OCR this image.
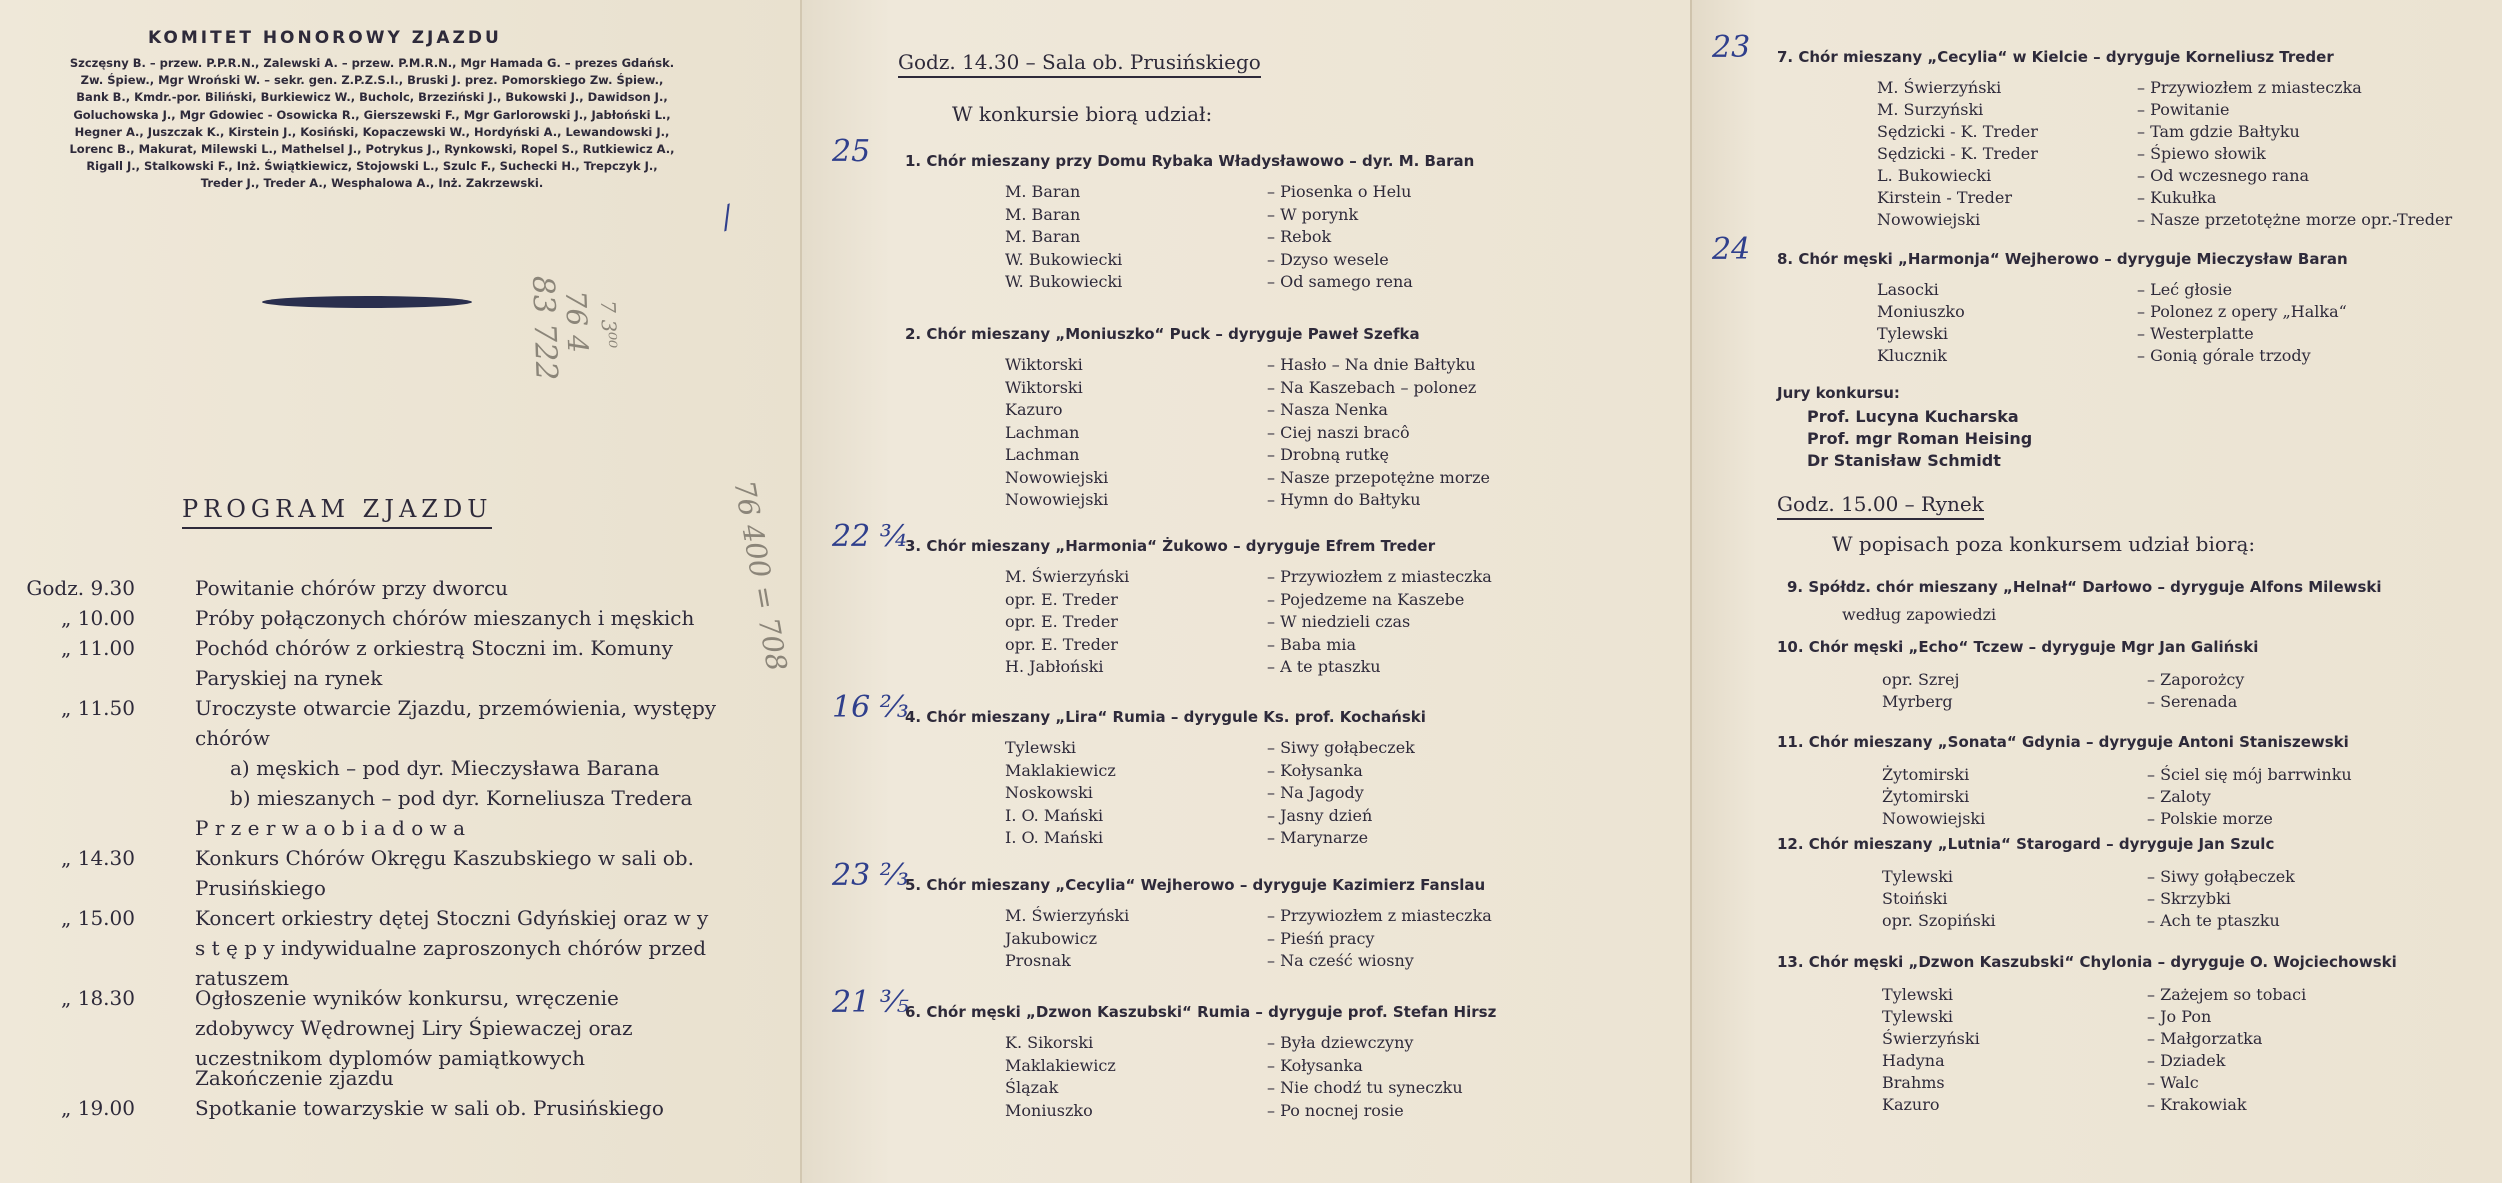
KOMITET HONOROWY ZJAZDU
Szczęsny B. – przew. P.P.R.N., Zalewski A. – przew. P.M.R.N., Mgr Hamada G. – prezes Gdańsk.
Zw. Śpiew., Mgr Wroński W. – sekr. gen. Z.P.Z.S.I., Bruski J. prez. Pomorskiego Zw. Śpiew.,
Bank B., Kmdr.-por. Biliński, Burkiewicz W., Bucholc, Brzeziński J., Bukowski J., Dawidson J.,
Goluchowska J., Mgr Gdowiec - Osowicka R., Gierszewski F., Mgr Garlorowski J., Jabłoński L.,
Hegner A., Juszczak K., Kirstein J., Kosiński, Kopaczewski W., Hordyński A., Lewandowski J.,
Lorenc B., Makurat, Milewski L., Mathelsel J., Potrykus J., Rynkowski, Ropel S., Rutkiewicz A.,
Rigall J., Stalkowski F., Inż. Świątkiewicz, Stojowski L., Szulc F., Suchecki H., Trepczyk J.,
Treder J., Treder A., Wesphalowa A., Inż. Zakrzewski.
83 722
76 4 7 3⁰⁰
76 400 = 708
/
PROGRAM ZJAZDU
Godz. 9.30	Powitanie chórów przy dworcu
„ 10.00	Próby połączonych chórów mieszanych i męskich
„ 11.00	Pochód chórów z orkiestrą Stoczni im. Komuny Paryskiej na rynek
„ 11.50	Uroczyste otwarcie Zjazdu, przemówienia, występy chórów
a) męskich – pod dyr. Mieczysława Barana
b) mieszanych – pod dyr. Korneliusza Tredera
P r z e r w a o b i a d o w a
„ 14.30	Konkurs Chórów Okręgu Kaszubskiego w sali ob. Prusińskiego
„ 15.00	Koncert orkiestry dętej Stoczni Gdyńskiej oraz w y s t ę p y indywidualne zaproszonych chórów przed ratuszem
„ 18.30	Ogłoszenie wyników konkursu, wręczenie zdobywcy Wędrownej Liry Śpiewaczej oraz uczestnikom dyplomów pamiątkowych
Zakończenie zjazdu
„ 19.00	Spotkanie towarzyskie w sali ob. Prusińskiego
Godz. 14.30 – Sala ob. Prusińskiego
W konkursie biorą udział:
1. Chór mieszany przy Domu Rybaka Władysławowo – dyr. M. Baran
25
M. Baran	– Piosenka o Helu
M. Baran	– W porynk
M. Baran	– Rebok
W. Bukowiecki	– Dzyso wesele
W. Bukowiecki	– Od samego rena
2. Chór mieszany „Moniuszko“ Puck – dyryguje Paweł Szefka
Wiktorski	– Hasło – Na dnie Bałtyku
Wiktorski	– Na Kaszebach – polonez
Kazuro	– Nasza Nenka
Lachman	– Ciej naszi bracô
Lachman	– Drobną rutkę
Nowowiejski	– Nasze przepotężne morze
Nowowiejski	– Hymn do Bałtyku
3. Chór mieszany „Harmonia“ Żukowo – dyryguje Efrem Treder
22 ¾
M. Świerzyński	– Przywiozłem z miasteczka
opr. E. Treder	– Pojedzeme na Kaszebe
opr. E. Treder	– W niedzieli czas
opr. E. Treder	– Baba mia
H. Jabłoński	– A te ptaszku
4. Chór mieszany „Lira“ Rumia – dyrygule Ks. prof. Kochański
16 ⅔
Tylewski	– Siwy gołąbeczek
Maklakiewicz	– Kołysanka
Noskowski	– Na Jagody
I. O. Mański	– Jasny dzień
I. O. Mański	– Marynarze
5. Chór mieszany „Cecylia“ Wejherowo – dyryguje Kazimierz Fanslau
23 ⅔
M. Świerzyński	– Przywiozłem z miasteczka
Jakubowicz	– Pieśń pracy
Prosnak	– Na cześć wiosny
6. Chór męski „Dzwon Kaszubski“ Rumia – dyryguje prof. Stefan Hirsz
21 ⅗
K. Sikorski	– Była dziewczyny
Maklakiewicz	– Kołysanka
Ślązak	– Nie chodź tu syneczku
Moniuszko	– Po nocnej rosie
7. Chór mieszany „Cecylia“ w Kielcie – dyryguje Korneliusz Treder
23
M. Świerzyński	– Przywiozłem z miasteczka
M. Surzyński	– Powitanie
Sędzicki - K. Treder	– Tam gdzie Bałtyku
Sędzicki - K. Treder	– Śpiewo słowik
L. Bukowiecki	– Od wczesnego rana
Kirstein - Treder	– Kukułka
Nowowiejski	– Nasze przetotężne morze opr.-Treder
8. Chór męski „Harmonja“ Wejherowo – dyryguje Mieczysław Baran
24
Lasocki	– Leć głosie
Moniuszko	– Polonez z opery „Halka“
Tylewski	– Westerplatte
Klucznik	– Gonią górale trzody
Jury konkursu:
Prof. Lucyna Kucharska
Prof. mgr Roman Heising
Dr Stanisław Schmidt
Godz. 15.00 – Rynek
W popisach poza konkursem udział biorą:
9. Spółdz. chór mieszany „Helnał“ Darłowo – dyryguje Alfons Milewski
według zapowiedzi
10. Chór męski „Echo“ Tczew – dyryguje Mgr Jan Galiński
opr. Szrej	– Zaporożcy
Myrberg	– Serenada
11. Chór mieszany „Sonata“ Gdynia – dyryguje Antoni Staniszewski
Żytomirski	– Ściel się mój barrwinku
Żytomirski	– Zaloty
Nowowiejski	– Polskie morze
12. Chór mieszany „Lutnia“ Starogard – dyryguje Jan Szulc
Tylewski	– Siwy gołąbeczek
Stoiński	– Skrzybki
opr. Szopiński	– Ach te ptaszku
13. Chór męski „Dzwon Kaszubski“ Chylonia – dyryguje O. Wojciechowski
Tylewski	– Zażejem so tobaci
Tylewski	– Jo Pon
Świerzyński	– Małgorzatka
Hadyna	– Dziadek
Brahms	– Walc
Kazuro	– Krakowiak
